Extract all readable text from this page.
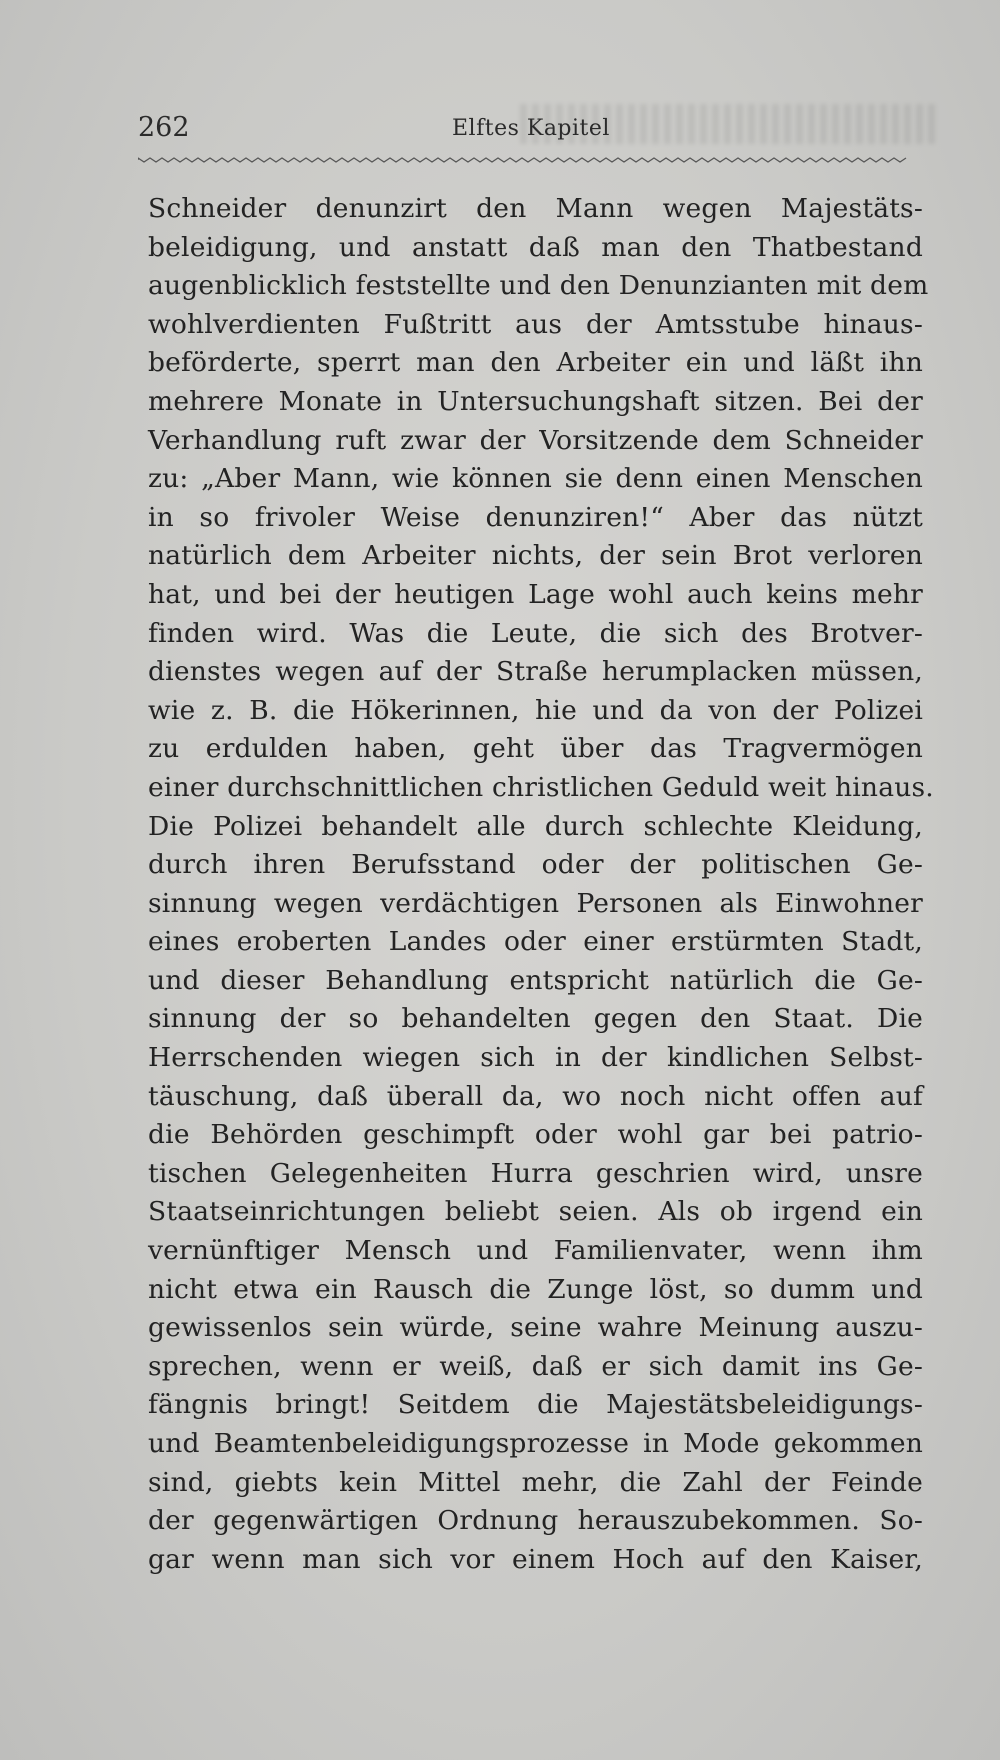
262	Elftes Kapitel
Schneider denunzirt den Mann wegen Majestäts-
beleidigung, und anstatt daß man den Thatbestand
augenblicklich feststellte und den Denunzianten mit dem
wohlverdienten Fußtritt aus der Amtsstube hinaus-
beförderte, sperrt man den Arbeiter ein und läßt ihn
mehrere Monate in Untersuchungshaft sitzen. Bei der
Verhandlung ruft zwar der Vorsitzende dem Schneider
zu: „Aber Mann, wie können sie denn einen Menschen
in so frivoler Weise denunziren!“ Aber das nützt
natürlich dem Arbeiter nichts, der sein Brot verloren
hat, und bei der heutigen Lage wohl auch keins mehr
finden wird. Was die Leute, die sich des Brotver-
dienstes wegen auf der Straße herumplacken müssen,
wie z. B. die Hökerinnen, hie und da von der Polizei
zu erdulden haben, geht über das Tragvermögen
einer durchschnittlichen christlichen Geduld weit hinaus.
Die Polizei behandelt alle durch schlechte Kleidung,
durch ihren Berufsstand oder der politischen Ge-
sinnung wegen verdächtigen Personen als Einwohner
eines eroberten Landes oder einer erstürmten Stadt,
und dieser Behandlung entspricht natürlich die Ge-
sinnung der so behandelten gegen den Staat. Die
Herrschenden wiegen sich in der kindlichen Selbst-
täuschung, daß überall da, wo noch nicht offen auf
die Behörden geschimpft oder wohl gar bei patrio-
tischen Gelegenheiten Hurra geschrien wird, unsre
Staatseinrichtungen beliebt seien. Als ob irgend ein
vernünftiger Mensch und Familienvater, wenn ihm
nicht etwa ein Rausch die Zunge löst, so dumm und
gewissenlos sein würde, seine wahre Meinung auszu-
sprechen, wenn er weiß, daß er sich damit ins Ge-
fängnis bringt! Seitdem die Majestätsbeleidigungs-
und Beamtenbeleidigungsprozesse in Mode gekommen
sind, giebts kein Mittel mehr, die Zahl der Feinde
der gegenwärtigen Ordnung herauszubekommen. So-
gar wenn man sich vor einem Hoch auf den Kaiser,
